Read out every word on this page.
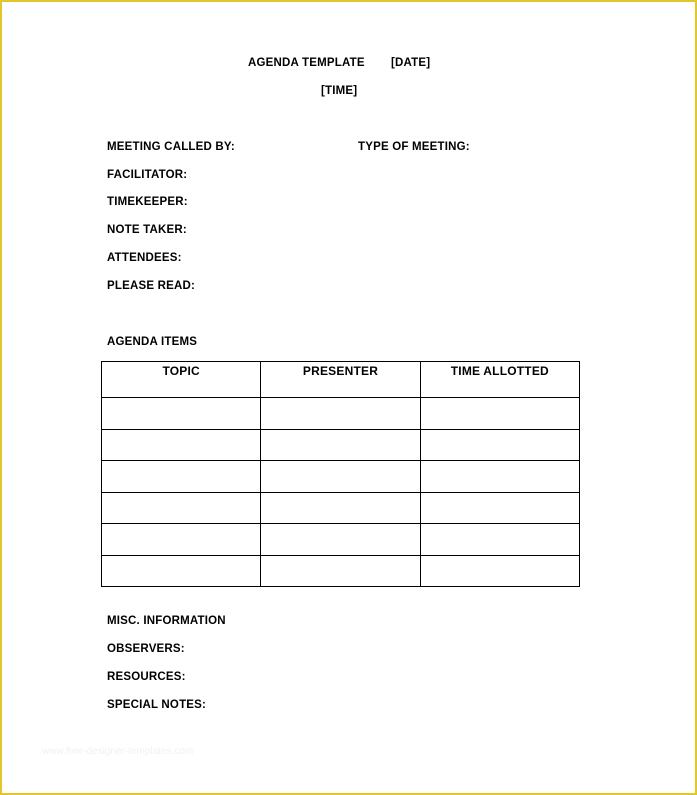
AGENDA TEMPLATE [DATE]
[TIME]
MEETING CALLED BY:	TYPE OF MEETING:
FACILITATOR:
TIMEKEEPER:
NOTE TAKER:
ATTENDEES:
PLEASE READ:
AGENDA ITEMS
TOPIC	PRESENTER	TIME ALLOTTED

MISC. INFORMATION
OBSERVERS:
RESOURCES:
SPECIAL NOTES:
www.free-designer-templates.com
